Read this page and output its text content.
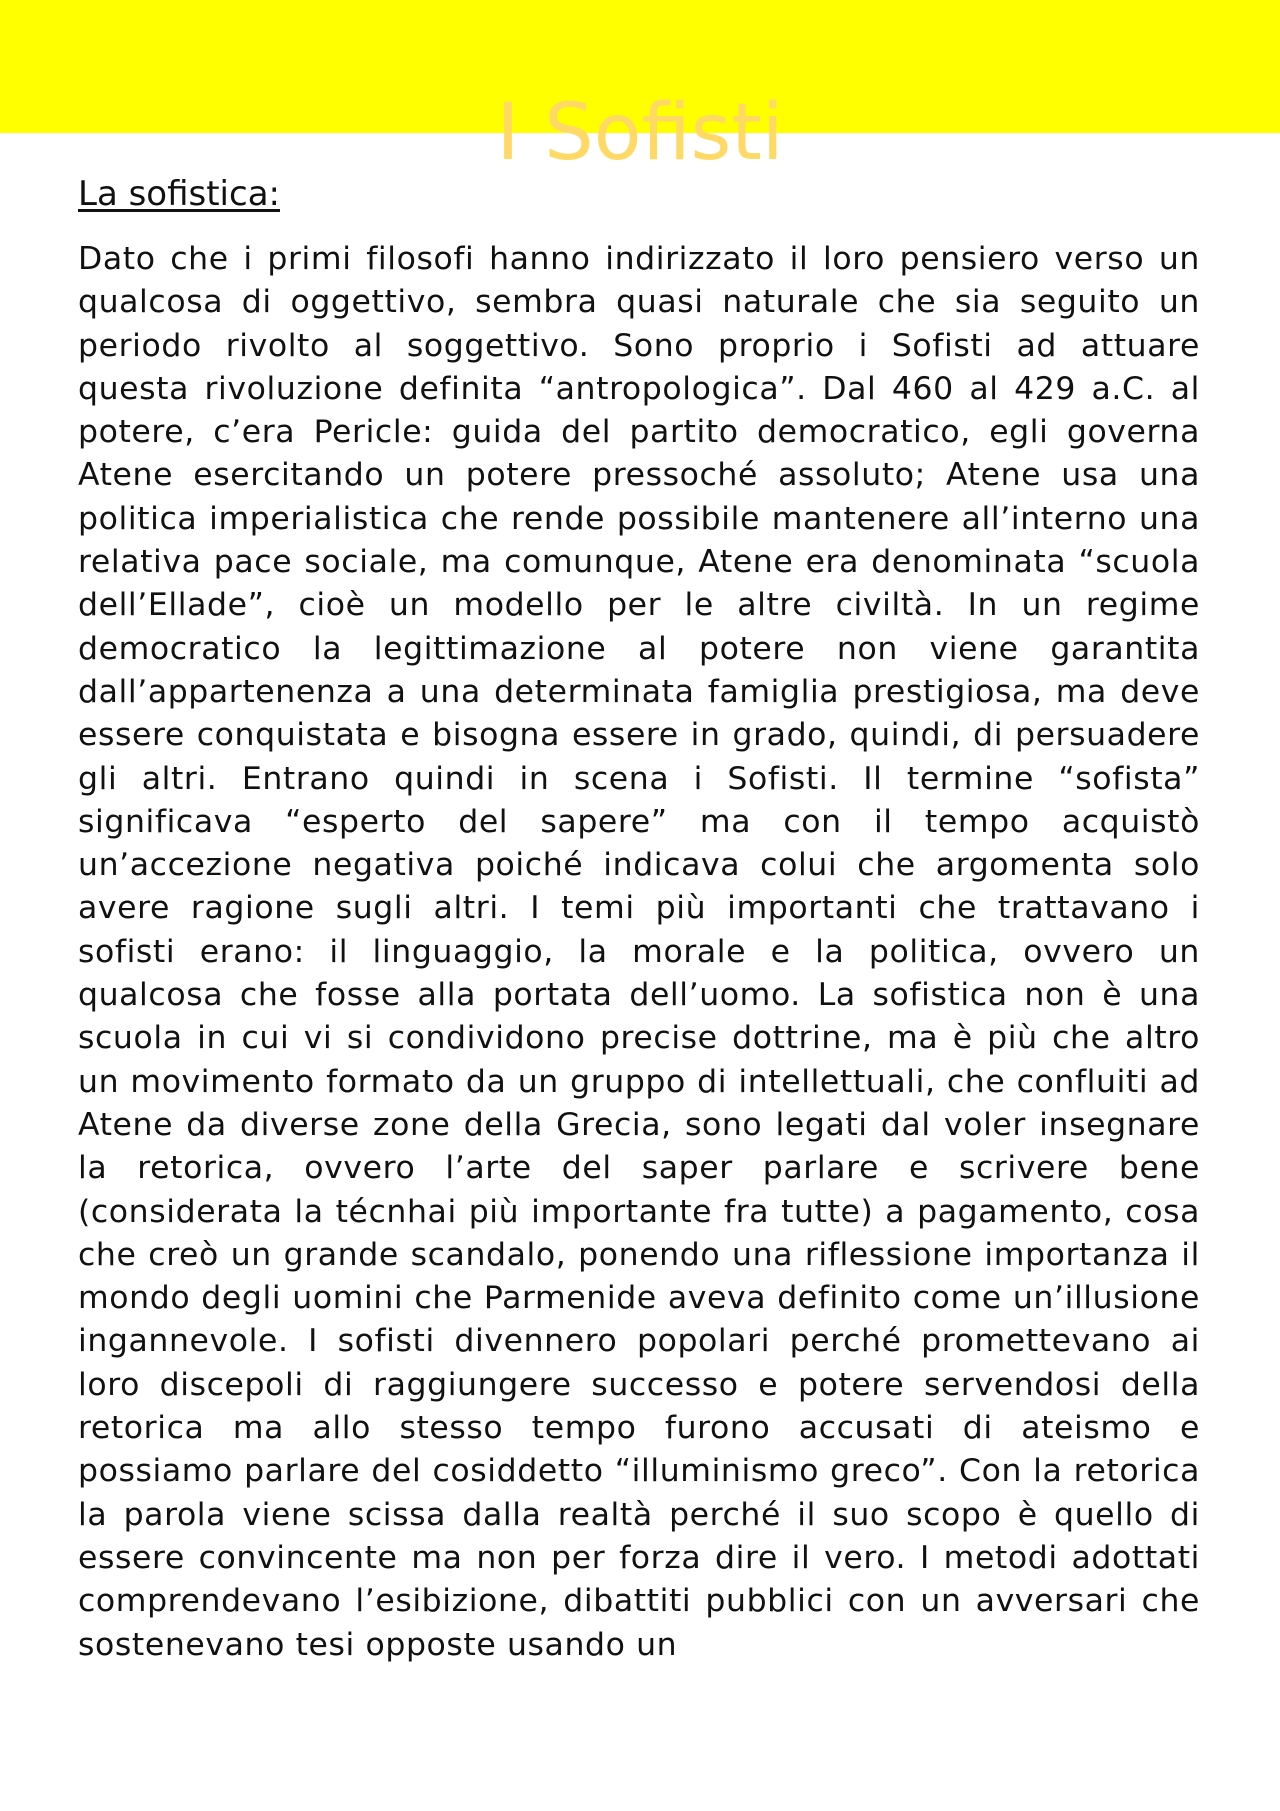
I Sofisti
La sofistica:

Dato che i primi filosofi hanno indirizzato il loro pensiero verso un qualcosa di oggettivo, sembra quasi naturale che sia seguito un periodo rivolto al soggettivo. Sono proprio i Sofisti ad attuare questa rivoluzione definita “antropologica”. Dal 460 al 429 a.C. al potere, c’era Pericle: guida del partito democratico, egli governa Atene esercitando un potere pressoché assoluto; Atene usa una politica imperialistica che rende possibile mantenere all’interno una relativa pace sociale, ma comunque, Atene era denominata “scuola dell’Ellade”, cioè un modello per le altre civiltà. In un regime democratico la legittimazione al potere non viene garantita dall’appartenenza a una determinata famiglia prestigiosa, ma deve essere conquistata e bisogna essere in grado, quindi, di persuadere gli altri. Entrano quindi in scena i Sofisti. Il termine “sofista” significava “esperto del sapere” ma con il tempo acquistò un’accezione negativa poiché indicava colui che argomenta solo avere ragione sugli altri. I temi più importanti che trattavano i sofisti erano: il linguaggio, la morale e la politica, ovvero un qualcosa che fosse alla portata dell’uomo. La sofistica non è una scuola in cui vi si condividono precise dottrine, ma è più che altro un movimento formato da un gruppo di intellettuali, che confluiti ad Atene da diverse zone della Grecia, sono legati dal voler insegnare la retorica, ovvero l’arte del saper parlare e scrivere bene (considerata la técnhai più importante fra tutte) a pagamento, cosa che creò un grande scandalo, ponendo una riflessione importanza il mondo degli uomini che Parmenide aveva definito come un’illusione ingannevole. I sofisti divennero popolari perché promettevano ai loro discepoli di raggiungere successo e potere servendosi della retorica ma allo stesso tempo furono accusati di ateismo e possiamo parlare del cosiddetto “illuminismo greco”. Con la retorica la parola viene scissa dalla realtà perché il suo scopo è quello di essere convincente ma non per forza dire il vero. I metodi adottati comprendevano l’esibizione, dibattiti pubblici con un avversari che sostenevano tesi opposte usando un
